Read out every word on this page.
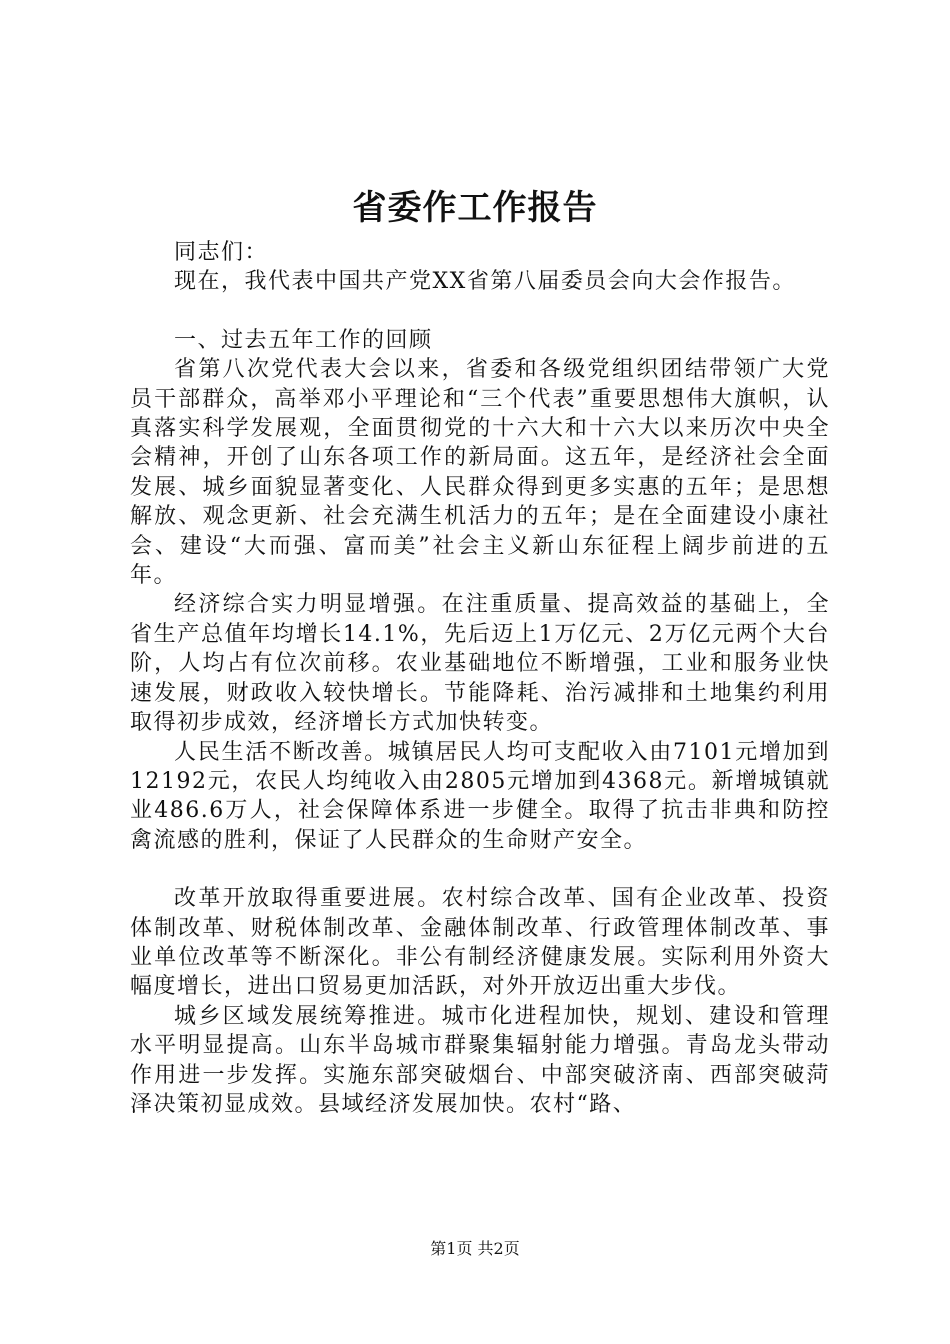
省委作工作报告

同志们：

现在，我代表中国共产党XX省第八届委员会向大会作报告。

一、过去五年工作的回顾

省第八次党代表大会以来，省委和各级党组织团结带领广大党员干部群众，高举邓小平理论和“三个代表”重要思想伟大旗帜，认真落实科学发展观，全面贯彻党的十六大和十六大以来历次中央全会精神，开创了山东各项工作的新局面。这五年，是经济社会全面发展、城乡面貌显著变化、人民群众得到更多实惠的五年；是思想解放、观念更新、社会充满生机活力的五年；是在全面建设小康社会、建设“大而强、富而美”社会主义新山东征程上阔步前进的五年。

经济综合实力明显增强。在注重质量、提高效益的基础上，全省生产总值年均增长14.1%，先后迈上1万亿元、2万亿元两个大台阶，人均占有位次前移。农业基础地位不断增强，工业和服务业快速发展，财政收入较快增长。节能降耗、治污减排和土地集约利用取得初步成效，经济增长方式加快转变。

人民生活不断改善。城镇居民人均可支配收入由7101元增加到12192元，农民人均纯收入由2805元增加到4368元。新增城镇就业486.6万人，社会保障体系进一步健全。取得了抗击非典和防控禽流感的胜利，保证了人民群众的生命财产安全。

改革开放取得重要进展。农村综合改革、国有企业改革、投资体制改革、财税体制改革、金融体制改革、行政管理体制改革、事业单位改革等不断深化。非公有制经济健康发展。实际利用外资大幅度增长，进出口贸易更加活跃，对外开放迈出重大步伐。

城乡区域发展统筹推进。城市化进程加快，规划、建设和管理水平明显提高。山东半岛城市群聚集辐射能力增强。青岛龙头带动作用进一步发挥。实施东部突破烟台、中部突破济南、西部突破菏泽决策初显成效。县域经济发展加快。农村“路、

第1页 共2页
